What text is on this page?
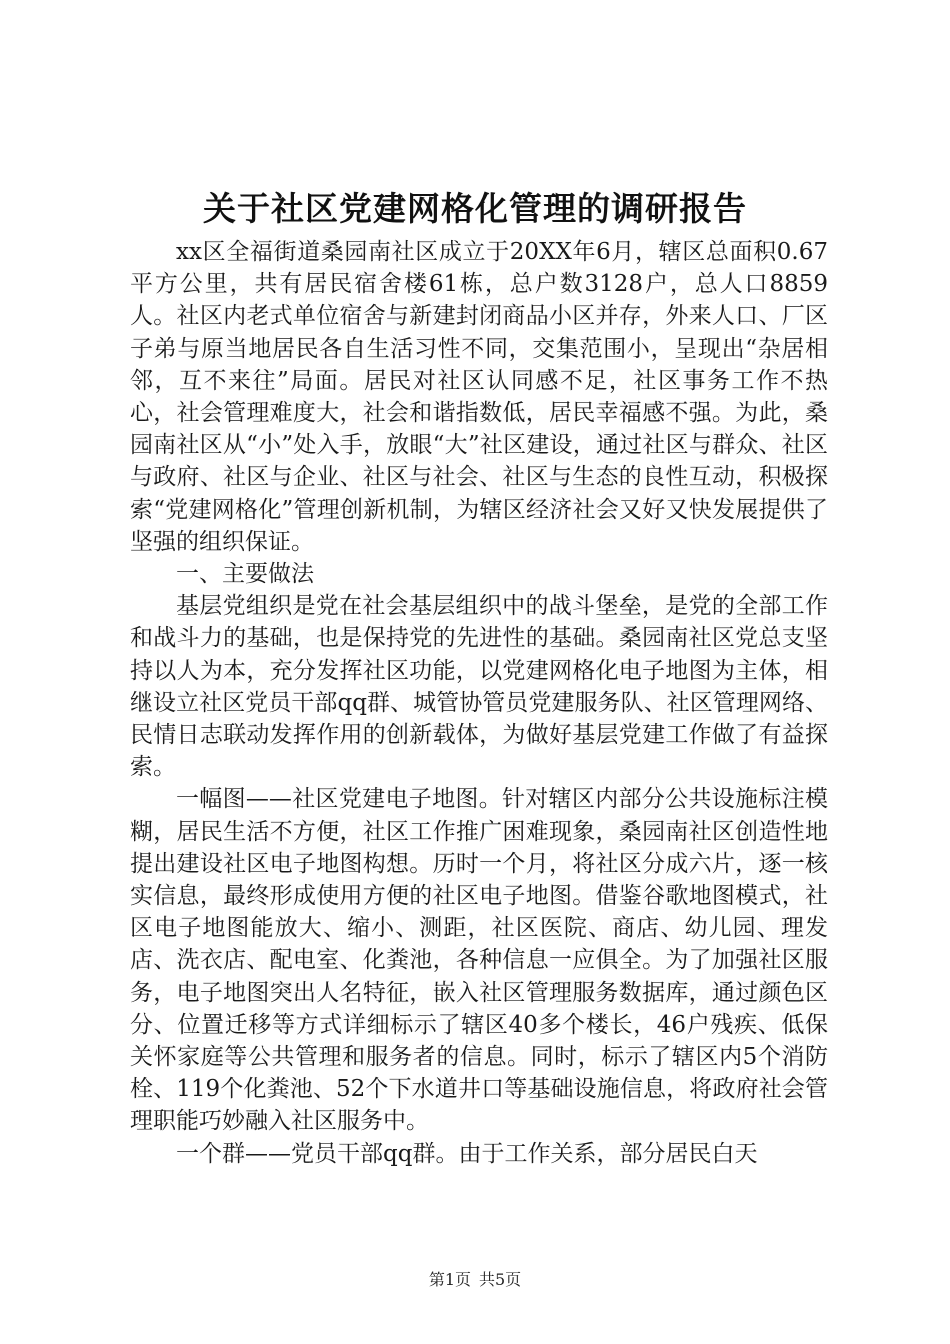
关于社区党建网格化管理的调研报告

xx区全福街道桑园南社区成立于20XX年6月，辖区总面积0.67平方公里，共有居民宿舍楼61栋，总户数3128户，总人口8859人。社区内老式单位宿舍与新建封闭商品小区并存，外来人口、厂区子弟与原当地居民各自生活习性不同，交集范围小，呈现出“杂居相邻，互不来往”局面。居民对社区认同感不足，社区事务工作不热心，社会管理难度大，社会和谐指数低，居民幸福感不强。为此，桑园南社区从“小”处入手，放眼“大”社区建设，通过社区与群众、社区与政府、社区与企业、社区与社会、社区与生态的良性互动，积极探索“党建网格化”管理创新机制，为辖区经济社会又好又快发展提供了坚强的组织保证。

一、主要做法

基层党组织是党在社会基层组织中的战斗堡垒，是党的全部工作和战斗力的基础，也是保持党的先进性的基础。桑园南社区党总支坚持以人为本，充分发挥社区功能，以党建网格化电子地图为主体，相继设立社区党员干部qq群、城管协管员党建服务队、社区管理网络、民情日志联动发挥作用的创新载体，为做好基层党建工作做了有益探索。

一幅图——社区党建电子地图。针对辖区内部分公共设施标注模糊，居民生活不方便，社区工作推广困难现象，桑园南社区创造性地提出建设社区电子地图构想。历时一个月，将社区分成六片，逐一核实信息，最终形成使用方便的社区电子地图。借鉴谷歌地图模式，社区电子地图能放大、缩小、测距，社区医院、商店、幼儿园、理发店、洗衣店、配电室、化粪池，各种信息一应俱全。为了加强社区服务，电子地图突出人名特征，嵌入社区管理服务数据库，通过颜色区分、位置迁移等方式详细标示了辖区40多个楼长，46户残疾、低保关怀家庭等公共管理和服务者的信息。同时，标示了辖区内5个消防栓、119个化粪池、52个下水道井口等基础设施信息，将政府社会管理职能巧妙融入社区服务中。

一个群——党员干部qq群。由于工作关系，部分居民白天

第1页 共5页
